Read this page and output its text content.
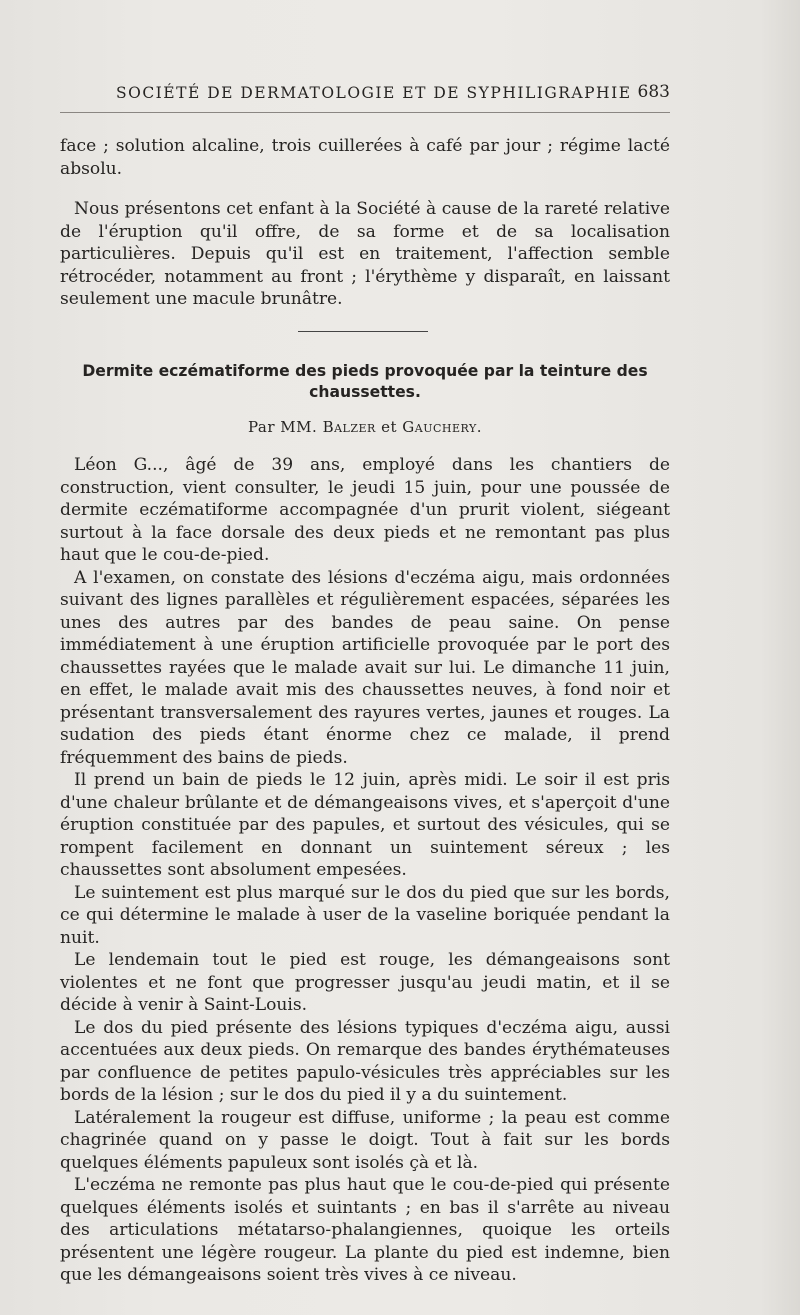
SOCIÉTÉ DE DERMATOLOGIE ET DE SYPHILIGRAPHIE 683

face ; solution alcaline, trois cuillerées à café par jour ; régime lacté absolu.

Nous présentons cet enfant à la Société à cause de la rareté relative de l'éruption qu'il offre, de sa forme et de sa localisation particulières. Depuis qu'il est en traitement, l'affection semble rétrocéder, notamment au front ; l'érythème y disparaît, en laissant seulement une macule brunâtre.

Dermite eczématiforme des pieds provoquée par la teinture des chaussettes.
Par MM. Balzer et Gauchery.

Léon G..., âgé de 39 ans, employé dans les chantiers de construction, vient consulter, le jeudi 15 juin, pour une poussée de dermite eczématiforme accompagnée d'un prurit violent, siégeant surtout à la face dorsale des deux pieds et ne remontant pas plus haut que le cou-de-pied.

A l'examen, on constate des lésions d'eczéma aigu, mais ordonnées suivant des lignes parallèles et régulièrement espacées, séparées les unes des autres par des bandes de peau saine. On pense immédiatement à une éruption artificielle provoquée par le port des chaussettes rayées que le malade avait sur lui. Le dimanche 11 juin, en effet, le malade avait mis des chaussettes neuves, à fond noir et présentant transversalement des rayures vertes, jaunes et rouges. La sudation des pieds étant énorme chez ce malade, il prend fréquemment des bains de pieds.

Il prend un bain de pieds le 12 juin, après midi. Le soir il est pris d'une chaleur brûlante et de démangeaisons vives, et s'aperçoit d'une éruption constituée par des papules, et surtout des vésicules, qui se rompent facilement en donnant un suintement séreux ; les chaussettes sont absolument empesées.

Le suintement est plus marqué sur le dos du pied que sur les bords, ce qui détermine le malade à user de la vaseline boriquée pendant la nuit.

Le lendemain tout le pied est rouge, les démangeaisons sont violentes et ne font que progresser jusqu'au jeudi matin, et il se décide à venir à Saint-Louis.

Le dos du pied présente des lésions typiques d'eczéma aigu, aussi accentuées aux deux pieds. On remarque des bandes érythémateuses par confluence de petites papulo-vésicules très appréciables sur les bords de la lésion ; sur le dos du pied il y a du suintement.

Latéralement la rougeur est diffuse, uniforme ; la peau est comme chagrinée quand on y passe le doigt. Tout à fait sur les bords quelques éléments papuleux sont isolés çà et là.

L'eczéma ne remonte pas plus haut que le cou-de-pied qui présente quelques éléments isolés et suintants ; en bas il s'arrête au niveau des articulations métatarso-phalangiennes, quoique les orteils présentent une légère rougeur. La plante du pied est indemne, bien que les démangeaisons soient très vives à ce niveau.
